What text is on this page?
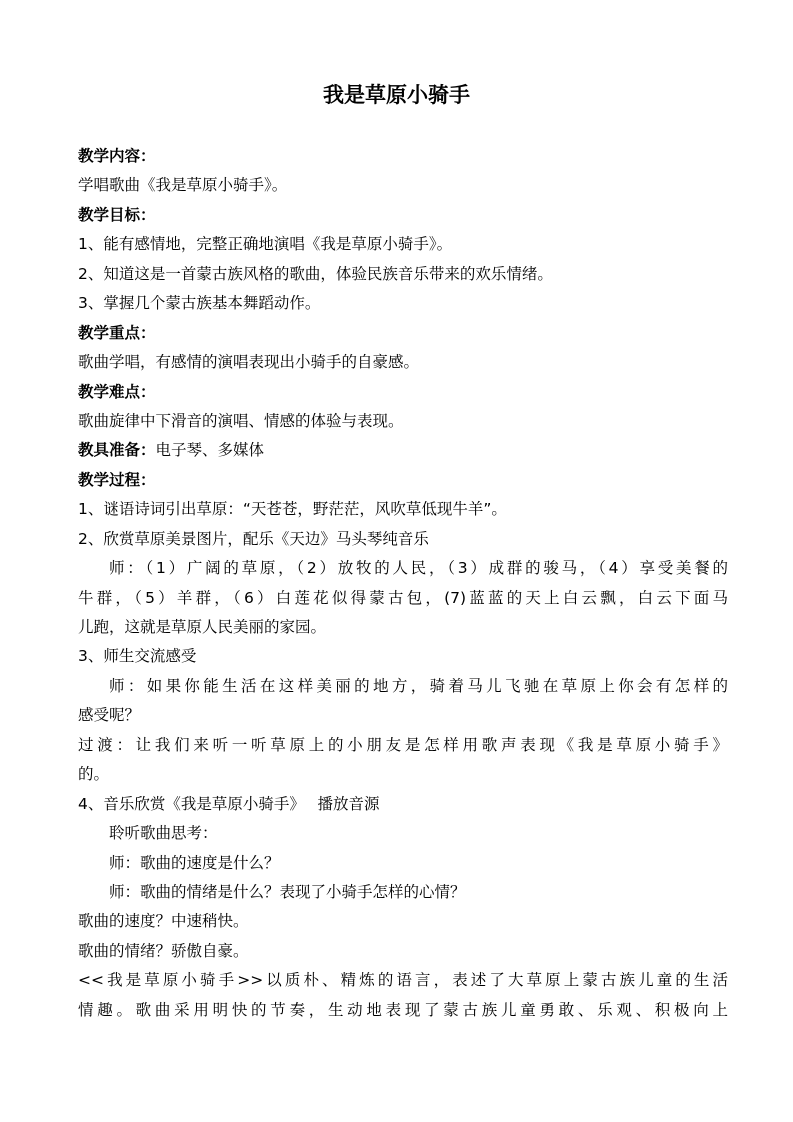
我是草原小骑手
教学内容：
学唱歌曲《我是草原小骑手》。
教学目标：
1、能有感情地，完整正确地演唱《我是草原小骑手》。
2、知道这是一首蒙古族风格的歌曲，体验民族音乐带来的欢乐情绪。
3、掌握几个蒙古族基本舞蹈动作。
教学重点：
歌曲学唱，有感情的演唱表现出小骑手的自豪感。
教学难点：
歌曲旋律中下滑音的演唱、情感的体验与表现。
教具准备：电子琴、多媒体
教学过程：
1、谜语诗词引出草原：“天苍苍，野茫茫，风吹草低现牛羊”。
2、欣赏草原美景图片，配乐《天边》马头琴纯音乐
师：（1）广阔的草原，（2）放牧的人民，（3）成群的骏马，（4）享受美餐的
牛群，（5）羊群，（6）白莲花似得蒙古包，(7)蓝蓝的天上白云飘，白云下面马
儿跑，这就是草原人民美丽的家园。
3、师生交流感受
师：如果你能生活在这样美丽的地方，骑着马儿飞驰在草原上你会有怎样的
感受呢？
过渡：让我们来听一听草原上的小朋友是怎样用歌声表现《我是草原小骑手》
的。
4、音乐欣赏《我是草原小骑手》　 播放音源
聆听歌曲思考：
师：歌曲的速度是什么？
师：歌曲的情绪是什么？表现了小骑手怎样的心情？
歌曲的速度？中速稍快。
歌曲的情绪？骄傲自豪。
<<我是草原小骑手>>以质朴、精炼的语言，表述了大草原上蒙古族儿童的生活
情趣。歌曲采用明快的节奏，生动地表现了蒙古族儿童勇敢、乐观、积极向上
